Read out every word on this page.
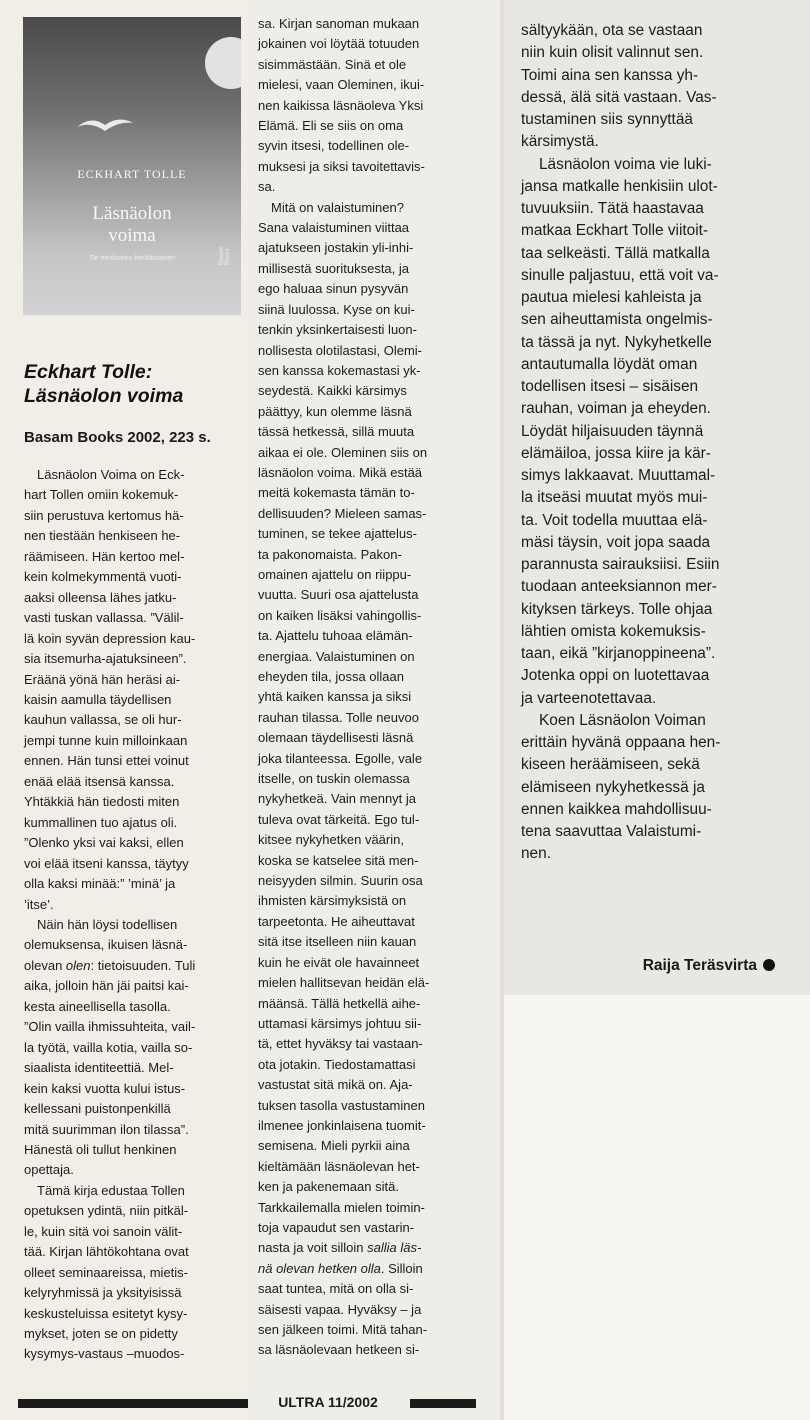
ECKHART TOLLE
Läsnäolon
voima
Tie henkiseen heräämiseen	Basam Books
Eckhart Tolle:
Läsnäolon voima

Basam Books 2002, 223 s.

Läsnäolon Voima on Eck-
hart Tollen omiin kokemuk-
siin perustuva kertomus hä-
nen tiestään henkiseen he-
räämiseen. Hän kertoo mel-
kein kolmekymmentä vuoti-
aaksi olleensa lähes jatku-
vasti tuskan vallassa. ”Välil-
lä koin syvän depression kau-
sia itsemurha-ajatuksineen”.
Eräänä yönä hän heräsi ai-
kaisin aamulla täydellisen
kauhun vallassa, se oli hur-
jempi tunne kuin milloinkaan
ennen. Hän tunsi ettei voinut
enää elää itsensä kanssa.
Yhtäkkiä hän tiedosti miten
kummallinen tuo ajatus oli.
”Olenko yksi vai kaksi, ellen
voi elää itseni kanssa, täytyy
olla kaksi minää:” ’minä’ ja
’itse’.

Näin hän löysi todellisen
olemuksensa, ikuisen läsnä-
olevan olen: tietoisuuden. Tuli
aika, jolloin hän jäi paitsi kai-
kesta aineellisella tasolla.
”Olin vailla ihmissuhteita, vail-
la työtä, vailla kotia, vailla so-
siaalista identiteettiä. Mel-
kein kaksi vuotta kului istus-
kellessani puistonpenkillä
mitä suurimman ilon tilassa”.
Hänestä oli tullut henkinen
opettaja.

Tämä kirja edustaa Tollen
opetuksen ydintä, niin pitkäl-
le, kuin sitä voi sanoin välit-
tää. Kirjan lähtökohtana ovat
olleet seminaareissa, mietis-
kelyryhmissä ja yksityisissä
keskusteluissa esitetyt kysy-
mykset, joten se on pidetty
kysymys-vastaus –muodos-

sa. Kirjan sanoman mukaan
jokainen voi löytää totuuden
sisimmästään. Sinä et ole
mielesi, vaan Oleminen, ikui-
nen kaikissa läsnäoleva Yksi
Elämä. Eli se siis on oma
syvin itsesi, todellinen ole-
muksesi ja siksi tavoitettavis-
sa.

Mitä on valaistuminen?
Sana valaistuminen viittaa
ajatukseen jostakin yli-inhi-
millisestä suorituksesta, ja
ego haluaa sinun pysyvän
siinä luulossa. Kyse on kui-
tenkin yksinkertaisesti luon-
nollisesta olotilastasi, Olemi-
sen kanssa kokemastasi yk-
seydestä. Kaikki kärsimys
päättyy, kun olemme läsnä
tässä hetkessä, sillä muuta
aikaa ei ole. Oleminen siis on
läsnäolon voima. Mikä estää
meitä kokemasta tämän to-
dellisuuden? Mieleen samas-
tuminen, se tekee ajattelus-
ta pakonomaista. Pakon-
omainen ajattelu on riippu-
vuutta. Suuri osa ajattelusta
on kaiken lisäksi vahingollis-
ta. Ajattelu tuhoaa elämän-
energiaa. Valaistuminen on
eheyden tila, jossa ollaan
yhtä kaiken kanssa ja siksi
rauhan tilassa. Tolle neuvoo
olemaan täydellisesti läsnä
joka tilanteessa. Egolle, vale
itselle, on tuskin olemassa
nykyhetkeä. Vain mennyt ja
tuleva ovat tärkeitä. Ego tul-
kitsee nykyhetken väärin,
koska se katselee sitä men-
neisyyden silmin. Suurin osa
ihmisten kärsimyksistä on
tarpeetonta. He aiheuttavat
sitä itse itselleen niin kauan
kuin he eivät ole havainneet
mielen hallitsevan heidän elä-
määnsä. Tällä hetkellä aihe-
uttamasi kärsimys johtuu sii-
tä, ettet hyväksy tai vastaan-
ota jotakin. Tiedostamattasi
vastustat sitä mikä on. Aja-
tuksen tasolla vastustaminen
ilmenee jonkinlaisena tuomit-
semisena. Mieli pyrkii aina
kieltämään läsnäolevan het-
ken ja pakenemaan sitä.
Tarkkailemalla mielen toimin-
toja vapaudut sen vastarin-
nasta ja voit silloin sallia läs-
nä olevan hetken olla. Silloin
saat tuntea, mitä on olla si-
säisesti vapaa. Hyväksy – ja
sen jälkeen toimi. Mitä tahan-
sa läsnäolevaan hetkeen si-

sältyykään, ota se vastaan
niin kuin olisit valinnut sen.
Toimi aina sen kanssa yh-
dessä, älä sitä vastaan. Vas-
tustaminen siis synnyttää
kärsimystä.

Läsnäolon voima vie luki-
jansa matkalle henkisiin ulot-
tuvuuksiin. Tätä haastavaa
matkaa Eckhart Tolle viitoit-
taa selkeästi. Tällä matkalla
sinulle paljastuu, että voit va-
pautua mielesi kahleista ja
sen aiheuttamista ongelmis-
ta tässä ja nyt. Nykyhetkelle
antautumalla löydät oman
todellisen itsesi – sisäisen
rauhan, voiman ja eheyden.
Löydät hiljaisuuden täynnä
elämäiloa, jossa kiire ja kär-
simys lakkaavat. Muuttamal-
la itseäsi muutat myös mui-
ta. Voit todella muuttaa elä-
mäsi täysin, voit jopa saada
parannusta sairauksiisi. Esiin
tuodaan anteeksiannon mer-
kityksen tärkeys. Tolle ohjaa
lähtien omista kokemuksis-
taan, eikä ”kirjanoppineena”.
Jotenka oppi on luotettavaa
ja varteenotettavaa.

Koen Läsnäolon Voiman
erittäin hyvänä oppaana hen-
kiseen heräämiseen, sekä
elämiseen nykyhetkessä ja
ennen kaikkea mahdollisuu-
tena saavuttaa Valaistumi-
nen.

Raija Teräsvirta

ULTRA 11/2002
